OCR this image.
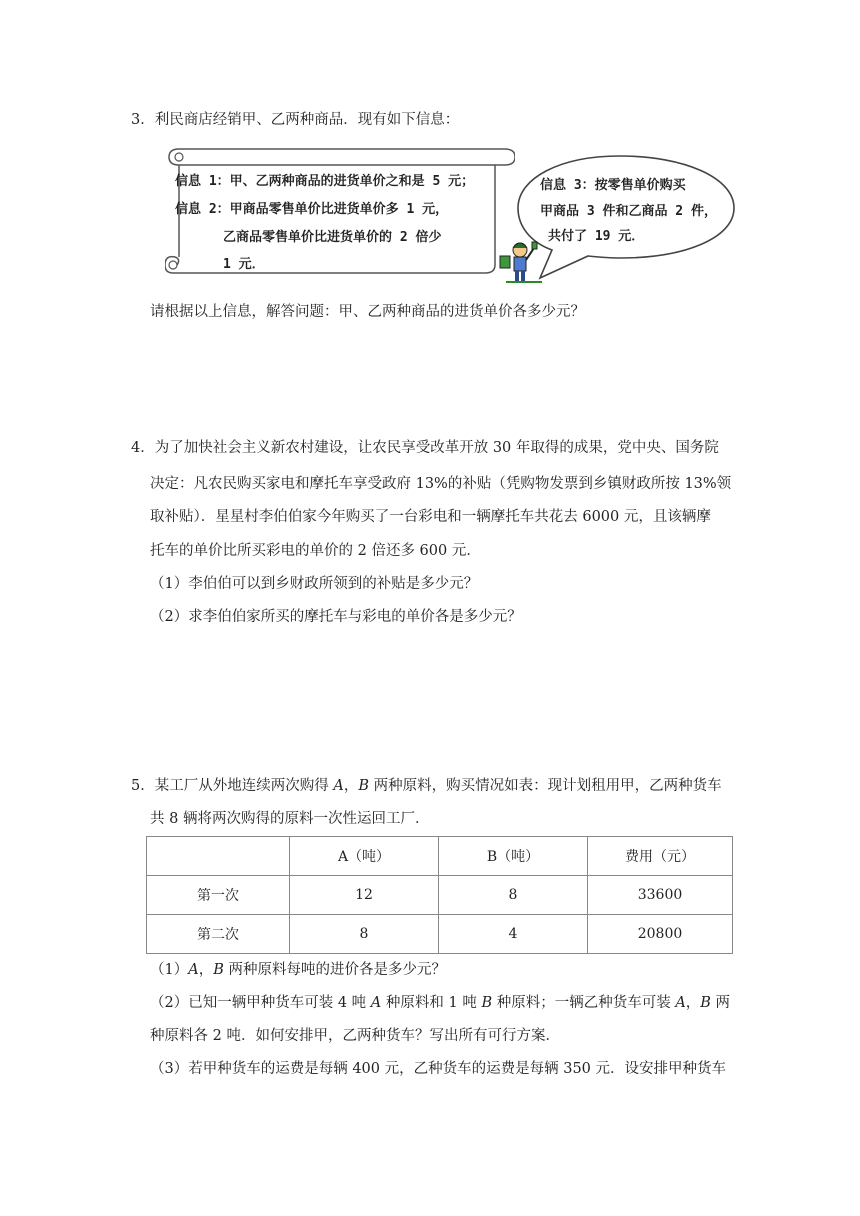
3．利民商店经销甲、乙两种商品．现有如下信息：
信息 1：甲、乙两种商品的进货单价之和是 5 元；
信息 2：甲商品零售单价比进货单价多 1 元，
乙商品零售单价比进货单价的 2 倍少
1 元．
信息 3：按零售单价购买
甲商品 3 件和乙商品 2 件，
共付了 19 元．
请根据以上信息，解答问题：甲、乙两种商品的进货单价各多少元？
4．为了加快社会主义新农村建设，让农民享受改革开放 30 年取得的成果，党中央、国务院
决定：凡农民购买家电和摩托车享受政府 13%的补贴（凭购物发票到乡镇财政所按 13%领
取补贴）．星星村李伯伯家今年购买了一台彩电和一辆摩托车共花去 6000 元，且该辆摩
托车的单价比所买彩电的单价的 2 倍还多 600 元．
（1）李伯伯可以到乡财政所领到的补贴是多少元？
（2）求李伯伯家所买的摩托车与彩电的单价各是多少元？
5．某工厂从外地连续两次购得 A，B 两种原料，购买情况如表：现计划租用甲，乙两种货车
共 8 辆将两次购得的原料一次性运回工厂．
	A（吨）	B（吨）	费用（元）
第一次	12	8	33600
第二次	8	4	20800
（1）A，B 两种原料每吨的进价各是多少元？
（2）已知一辆甲种货车可装 4 吨 A 种原料和 1 吨 B 种原料；一辆乙种货车可装 A，B 两
种原料各 2 吨．如何安排甲，乙两种货车？写出所有可行方案．
（3）若甲种货车的运费是每辆 400 元，乙种货车的运费是每辆 350 元．设安排甲种货车
